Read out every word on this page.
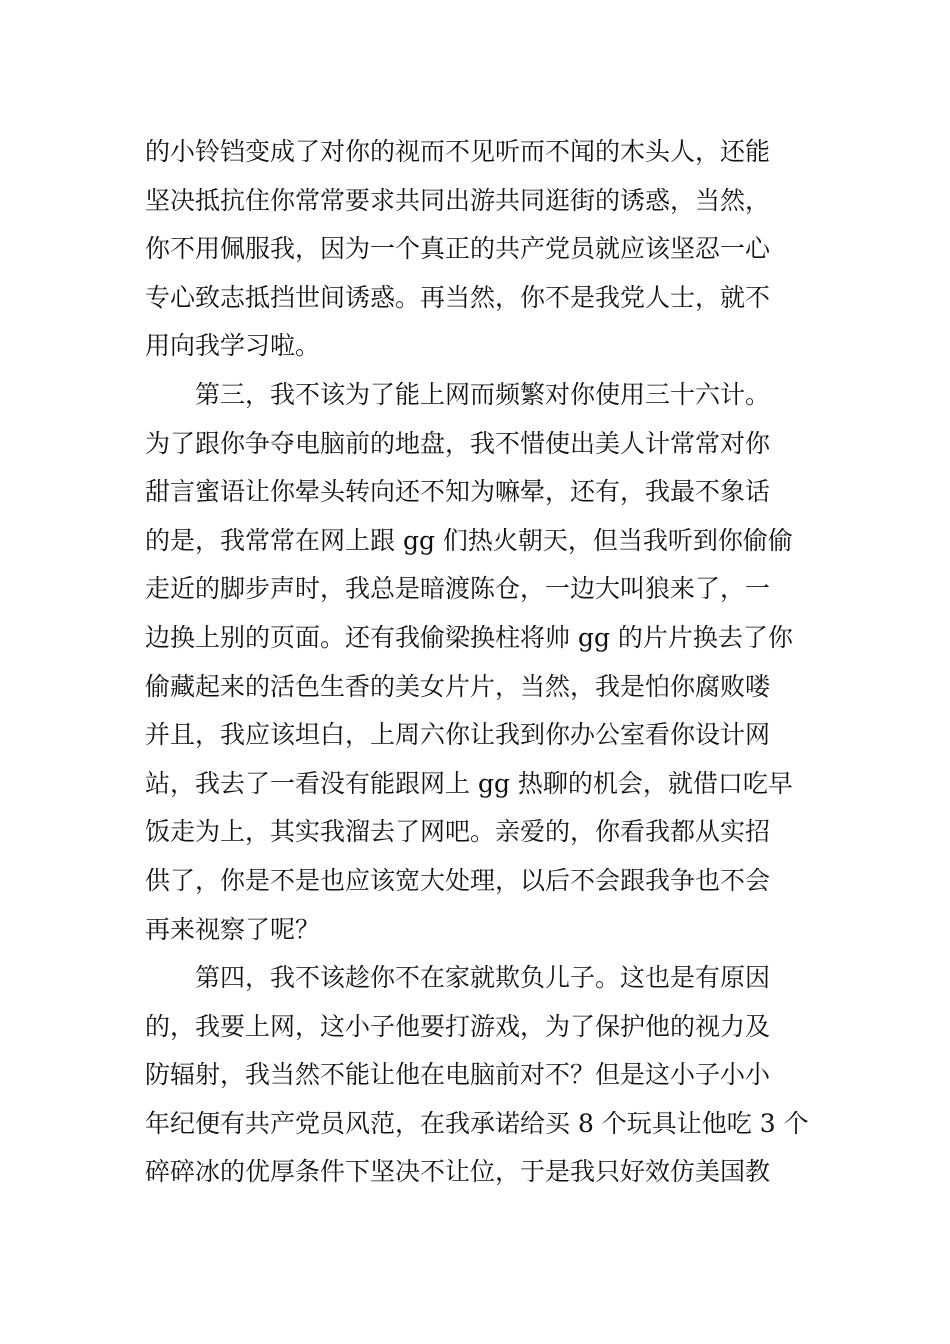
的小铃铛变成了对你的视而不见听而不闻的木头人，还能
坚决抵抗住你常常要求共同出游共同逛街的诱惑，当然，
你不用佩服我，因为一个真正的共产党员就应该坚忍一心
专心致志抵挡世间诱惑。再当然，你不是我党人士，就不
用向我学习啦。
　　第三，我不该为了能上网而频繁对你使用三十六计。
为了跟你争夺电脑前的地盘，我不惜使出美人计常常对你
甜言蜜语让你晕头转向还不知为嘛晕，还有，我最不象话
的是，我常常在网上跟 gg 们热火朝天，但当我听到你偷偷
走近的脚步声时，我总是暗渡陈仓，一边大叫狼来了，一
边换上别的页面。还有我偷梁换柱将帅 gg 的片片换去了你
偷藏起来的活色生香的美女片片，当然，我是怕你腐败喽
并且，我应该坦白，上周六你让我到你办公室看你设计网
站，我去了一看没有能跟网上 gg 热聊的机会，就借口吃早
饭走为上，其实我溜去了网吧。亲爱的，你看我都从实招
供了，你是不是也应该宽大处理，以后不会跟我争也不会
再来视察了呢？
　　第四，我不该趁你不在家就欺负儿子。这也是有原因
的，我要上网，这小子他要打游戏，为了保护他的视力及
防辐射，我当然不能让他在电脑前对不？但是这小子小小
年纪便有共产党员风范，在我承诺给买 8 个玩具让他吃 3 个
碎碎冰的优厚条件下坚决不让位，于是我只好效仿美国教
